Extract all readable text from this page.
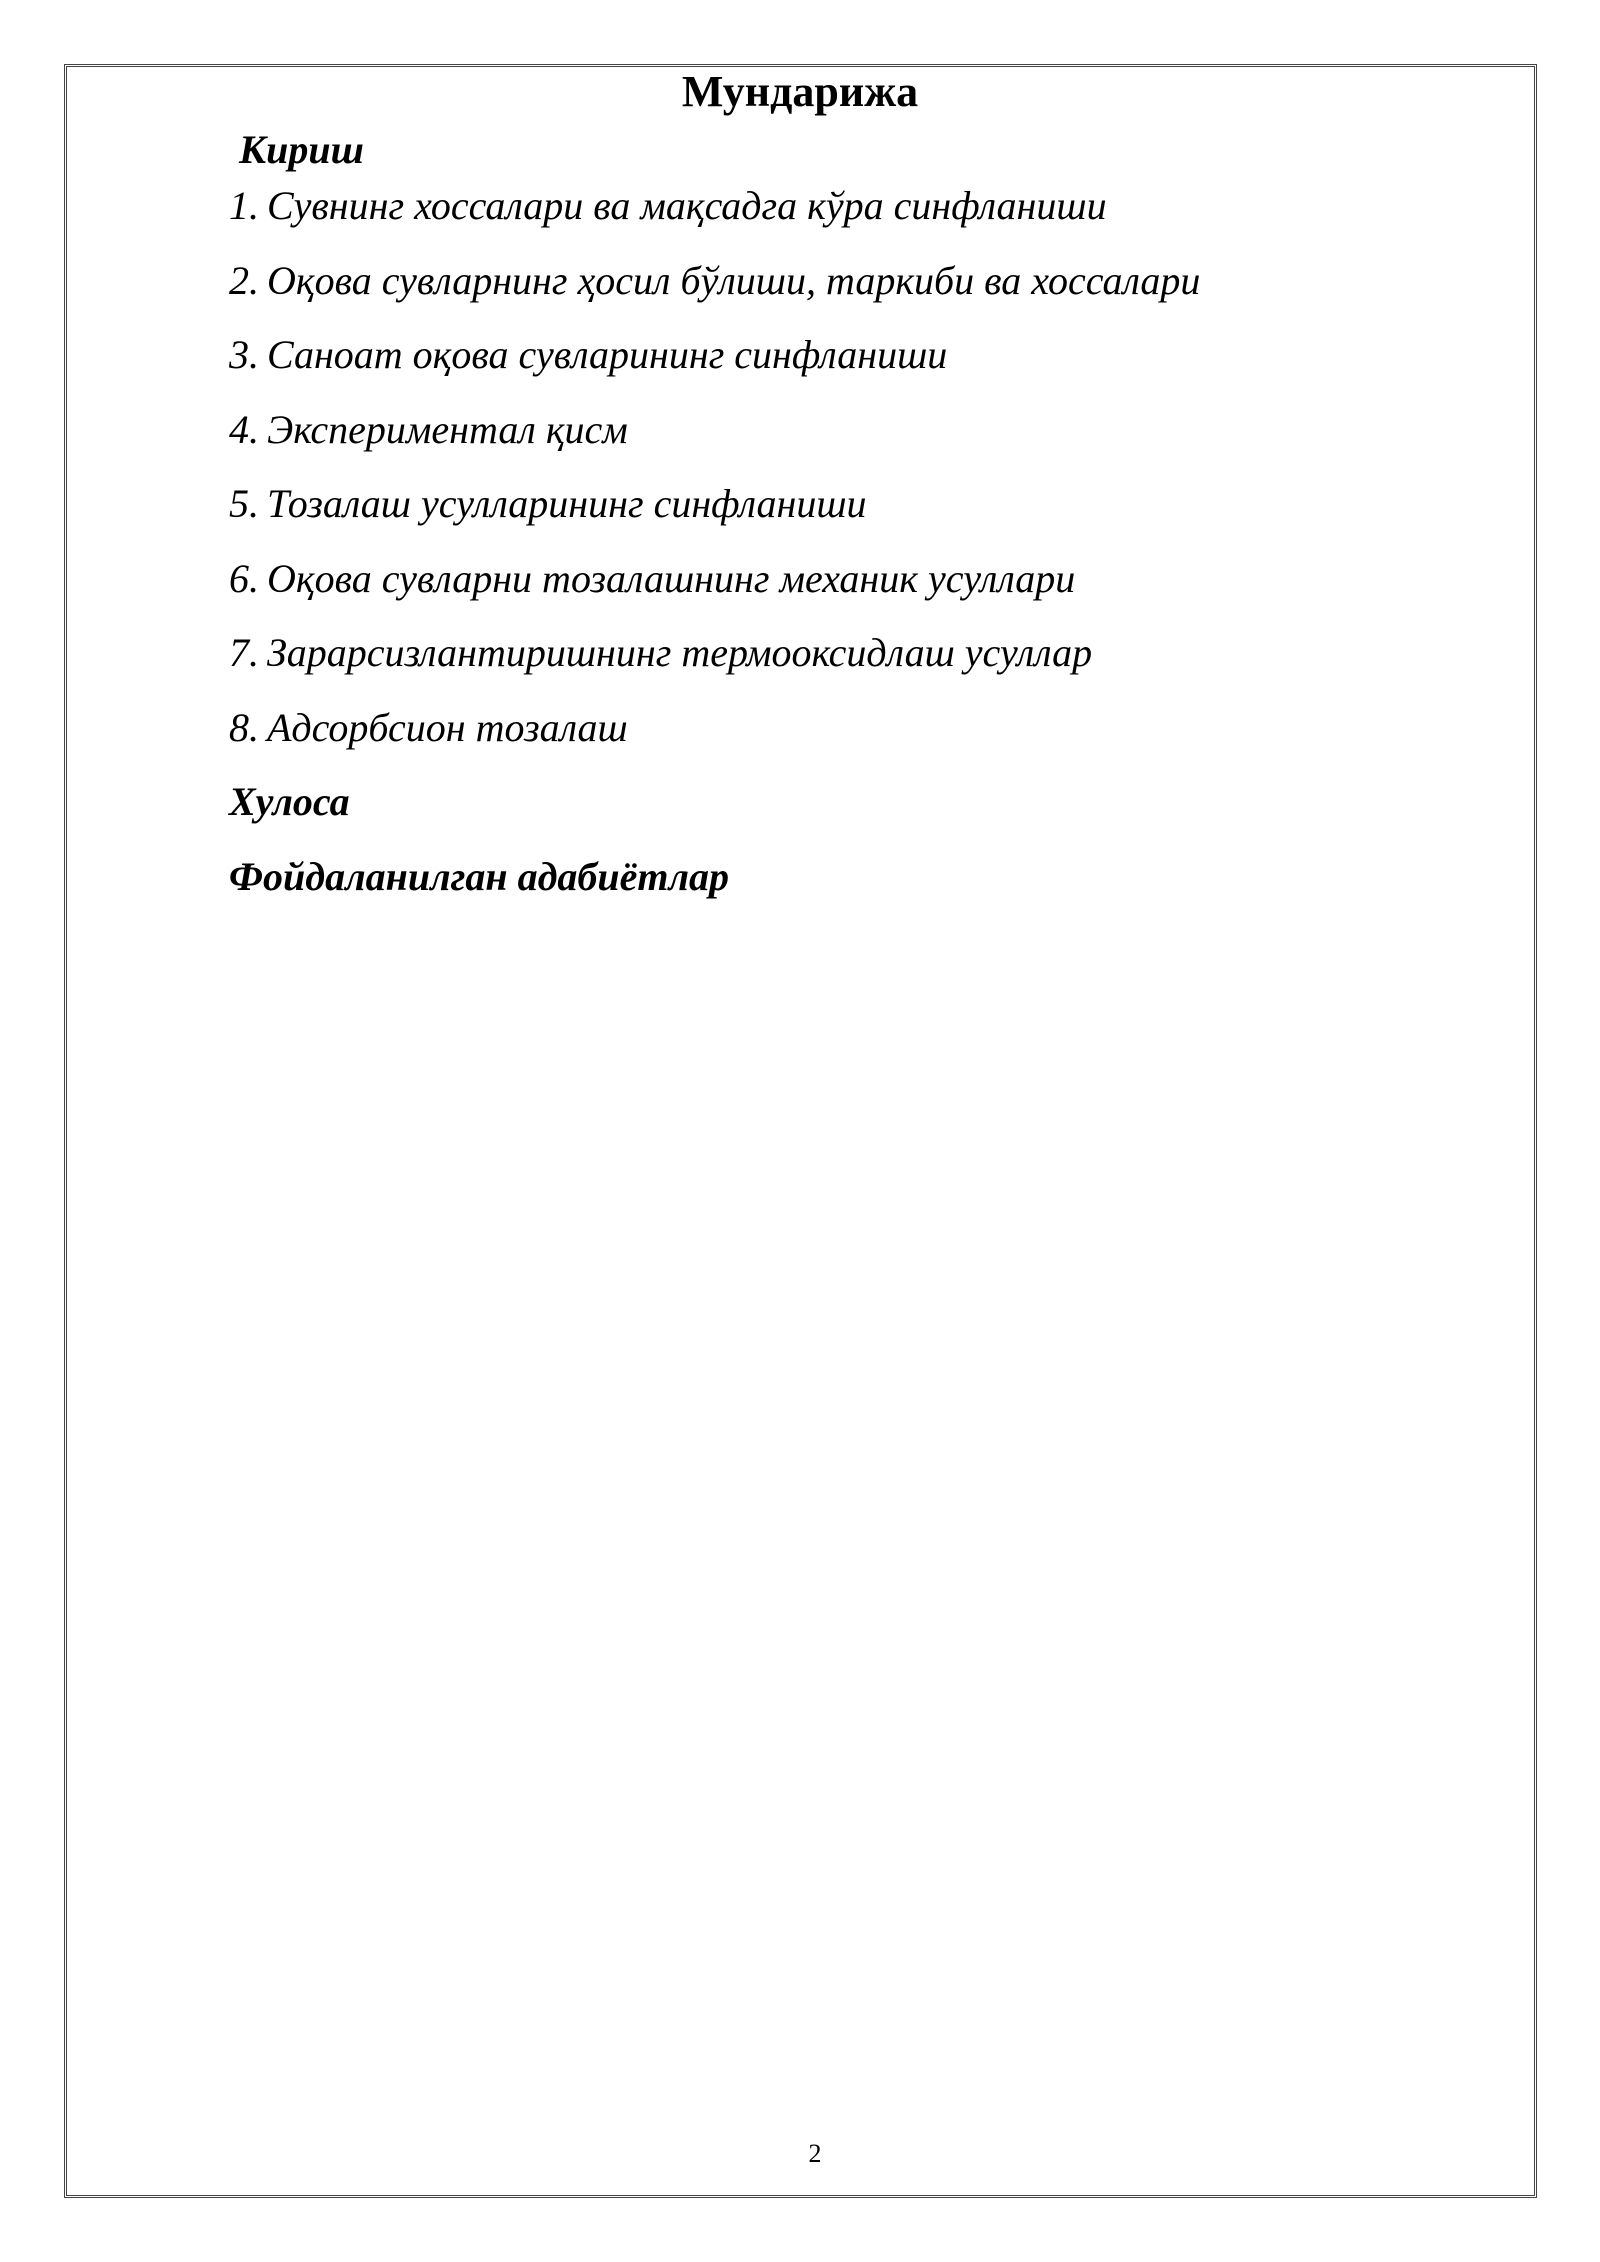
Мундарижа

Кириш

1. Сувнинг хоссалари ва мақсадга кўра синфланиши
2. Оқова сувларнинг ҳосил бўлиши, таркиби ва хоссалари
3. Саноат оқова сувларининг синфланиши
4. Экспериментал қисм
5. Тозалаш усулларининг синфланиши
6. Оқова сувларни тозалашнинг механик усуллари
7. Зарарсизлантиришнинг термооксидлаш усуллар
8. Адсорбсион тозалаш

Хулоса

Фойдаланилган адабиётлар

2
